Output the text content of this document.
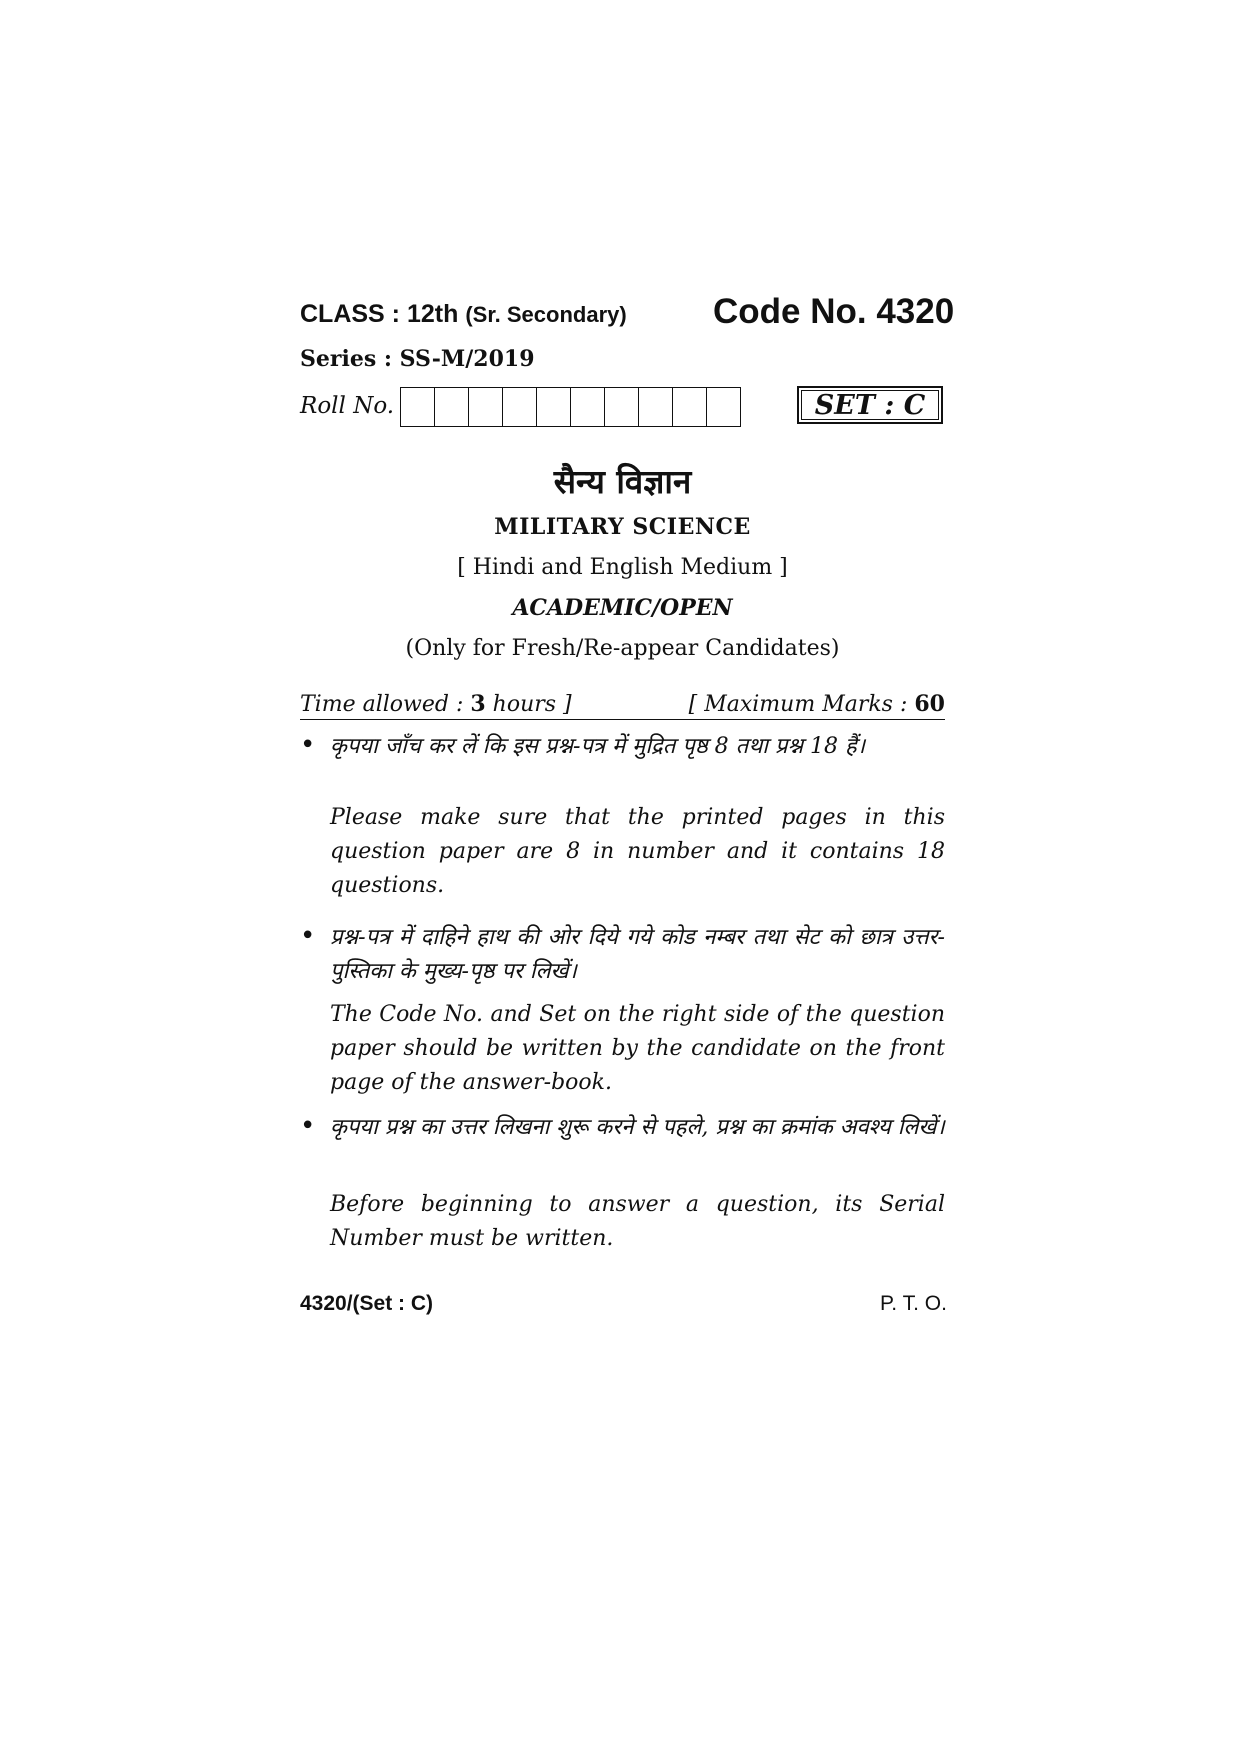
CLASS : 12th (Sr. Secondary) Code No. 4320
Series : SS-M/2019
Roll No.	SET : C
सैन्य विज्ञान
MILITARY SCIENCE
[ Hindi and English Medium ]
ACADEMIC/OPEN
(Only for Fresh/Re-appear Candidates)
Time allowed : 3 hours ]	[ Maximum Marks : 60
• कृपया जाँच कर लें कि इस प्रश्न-पत्र में मुद्रित पृष्ठ 8 तथा प्रश्न 18 हैं।
Please make sure that the printed pages in this question paper are 8 in number and it contains 18 questions.
• प्रश्न-पत्र में दाहिने हाथ की ओर दिये गये कोड नम्बर तथा सेट को छात्र उत्तर-पुस्तिका के मुख्य-पृष्ठ पर लिखें।
The Code No. and Set on the right side of the question paper should be written by the candidate on the front page of the answer-book.
• कृपया प्रश्न का उत्तर लिखना शुरू करने से पहले, प्रश्न का क्रमांक अवश्य लिखें।
Before beginning to answer a question, its Serial Number must be written.
4320/(Set : C)	P. T. O.
